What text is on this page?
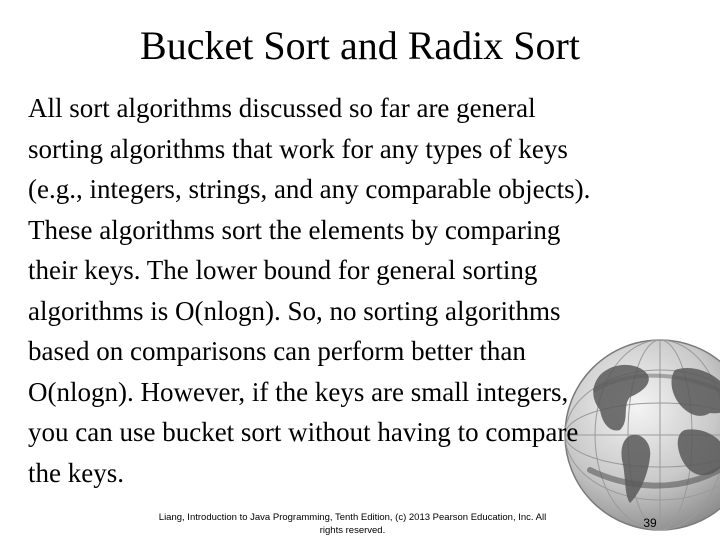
Bucket Sort and Radix Sort
All sort algorithms discussed so far are general
sorting algorithms that work for any types of keys
(e.g., integers, strings, and any comparable objects).
These algorithms sort the elements by comparing
their keys. The lower bound for general sorting
algorithms is O(nlogn). So, no sorting algorithms
based on comparisons can perform better than
O(nlogn). However, if the keys are small integers,
you can use bucket sort without having to compare
the keys.
Liang, Introduction to Java Programming, Tenth Edition, (c) 2013 Pearson Education, Inc. All
rights reserved.
39
